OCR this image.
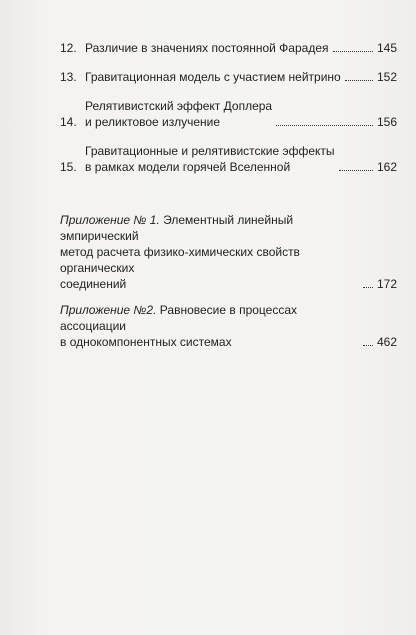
12. Различие в значениях постоянной Фарадея	145
13. Гравитационная модель с участием нейтрино	152
14.
Релятивистский эффект Доплера
и реликтовое излучение	156
15.
Гравитационные и релятивистские эффекты
в рамках модели горячей Вселенной	162
Приложение № 1. Элементный линейный эмпирический
метод расчета физико-химических свойств органических
соединений	172
Приложение №2. Равновесие в процессах ассоциации
в однокомпонентных системах	462
